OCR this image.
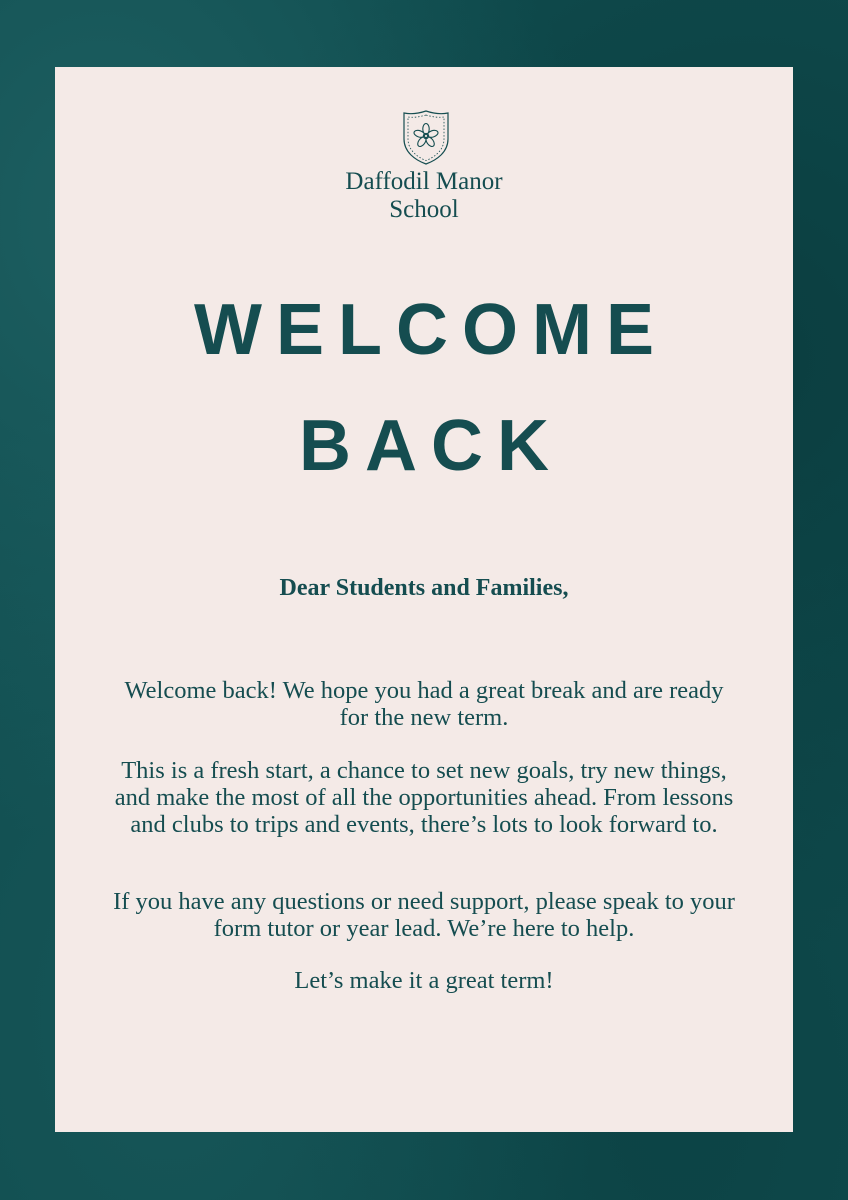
Daffodil Manor
School
WELCOME
BACK
Dear Students and Families,
Welcome back! We hope you had a great break and are ready for the new term.
This is a fresh start, a chance to set new goals, try new things, and make the most of all the opportunities ahead. From lessons and clubs to trips and events, there’s lots to look forward to.
If you have any questions or need support, please speak to your form tutor or year lead. We’re here to help.
Let’s make it a great term!
